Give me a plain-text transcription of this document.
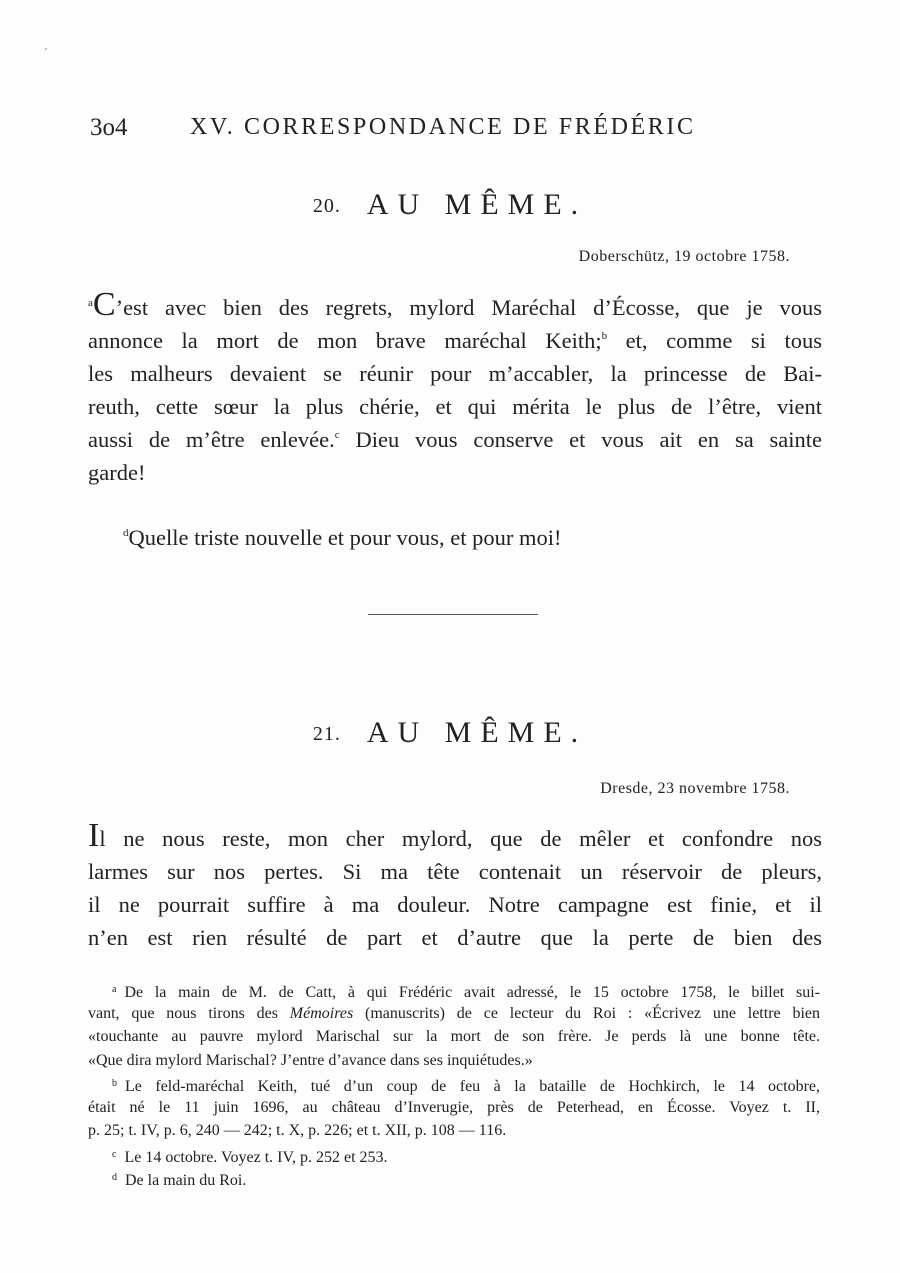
3o4	XV. CORRESPONDANCE DE FRÉDÉRIC
20. AU MÊME.
Doberschütz, 19 octobre 1758.
$^a$C’est avec bien des regrets, mylord Maréchal d’Écosse, que je vous
annonce la mort de mon brave maréchal Keith;$^b$ et, comme si tous
les malheurs devaient se réunir pour m’accabler, la princesse de Bai-
reuth, cette sœur la plus chérie, et qui mérita le plus de l’être, vient
aussi de m’être enlevée.$^c$ Dieu vous conserve et vous ait en sa sainte
garde!
$^d$Quelle triste nouvelle et pour vous, et pour moi!
21. AU MÊME.
Dresde, 23 novembre 1758.
Il ne nous reste, mon cher mylord, que de mêler et confondre nos
larmes sur nos pertes. Si ma tête contenait un réservoir de pleurs,
il ne pourrait suffire à ma douleur. Notre campagne est finie, et il
n’en est rien résulté de part et d’autre que la perte de bien des
$^a$ De la main de M. de Catt, à qui Frédéric avait adressé, le 15 octobre 1758, le billet sui-
vant, que nous tirons des Mémoires (manuscrits) de ce lecteur du Roi : «Écrivez une lettre bien
«touchante au pauvre mylord Marischal sur la mort de son frère. Je perds là une bonne tête.
«Que dira mylord Marischal? J’entre d’avance dans ses inquiétudes.»
$^b$ Le feld-maréchal Keith, tué d’un coup de feu à la bataille de Hochkirch, le 14 octobre,
était né le 11 juin 1696, au château d’Inverugie, près de Peterhead, en Écosse. Voyez t. II,
p. 25; t. IV, p. 6, 240 — 242; t. X, p. 226; et t. XII, p. 108 — 116.
$^c$ Le 14 octobre. Voyez t. IV, p. 252 et 253.
$^d$ De la main du Roi.
